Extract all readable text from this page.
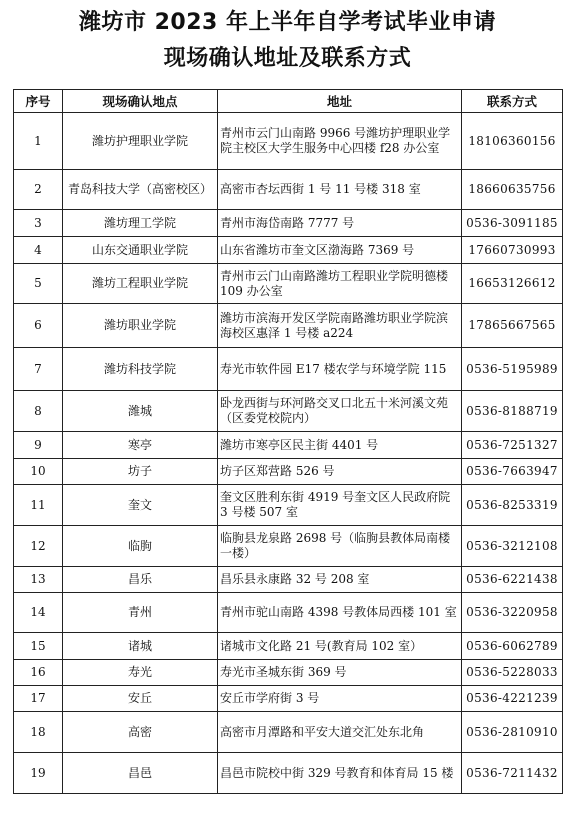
潍坊市 2023 年上半年自学考试毕业申请
现场确认地址及联系方式
序号	现场确认地点	地址	联系方式
1	潍坊护理职业学院	青州市云门山南路 9966 号潍坊护理职业学院主校区大学生服务中心四楼 f28 办公室	18106360156
2	青岛科技大学（高密校区）	高密市杏坛西街 1 号 11 号楼 318 室	18660635756
3	潍坊理工学院	青州市海岱南路 7777 号	0536-3091185
4	山东交通职业学院	山东省潍坊市奎文区渤海路 7369 号	17660730993
5	潍坊工程职业学院	青州市云门山南路潍坊工程职业学院明德楼 109 办公室	16653126612
6	潍坊职业学院	潍坊市滨海开发区学院南路潍坊职业学院滨海校区惠泽 1 号楼 a224	17865667565
7	潍坊科技学院	寿光市软件园 E17 楼农学与环境学院 115	0536-5195989
8	潍城	卧龙西街与环河路交叉口北五十米河溪文苑（区委党校院内）	0536-8188719
9	寒亭	潍坊市寒亭区民主街 4401 号	0536-7251327
10	坊子	坊子区郑营路 526 号	0536-7663947
11	奎文	奎文区胜利东街 4919 号奎文区人民政府院 3 号楼 507 室	0536-8253319
12	临朐	临朐县龙泉路 2698 号（临朐县教体局南楼一楼）	0536-3212108
13	昌乐	昌乐县永康路 32 号 208 室	0536-6221438
14	青州	青州市驼山南路 4398 号教体局西楼 101 室	0536-3220958
15	诸城	诸城市文化路 21 号(教育局 102 室）	0536-6062789
16	寿光	寿光市圣城东街 369 号	0536-5228033
17	安丘	安丘市学府街 3 号	0536-4221239
18	高密	高密市月潭路和平安大道交汇处东北角	0536-2810910
19	昌邑	昌邑市院校中街 329 号教育和体育局 15 楼	0536-7211432
